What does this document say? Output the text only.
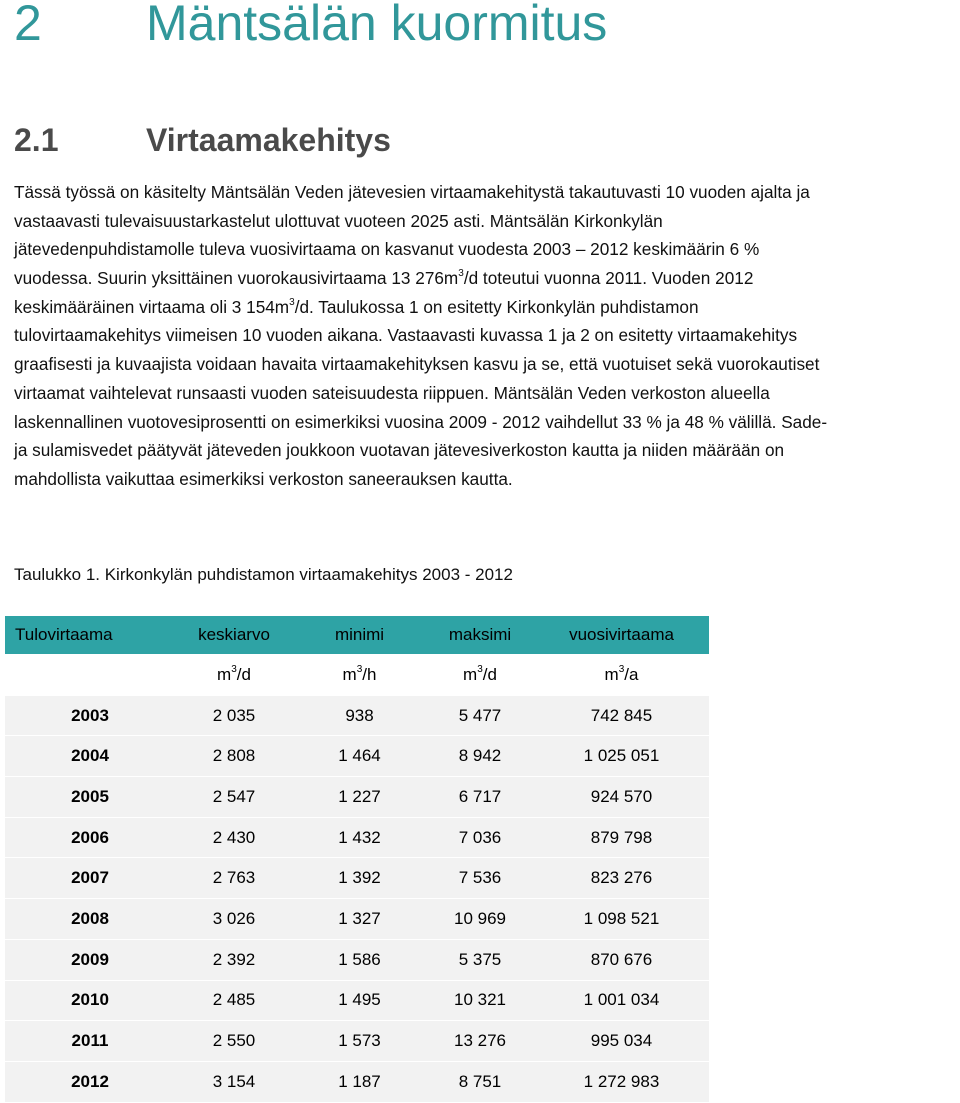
2 Mäntsälän kuormitus
2.1	Virtaamakehitys
Tässä työssä on käsitelty Mäntsälän Veden jätevesien virtaamakehitystä takautuvasti 10 vuoden ajalta ja
vastaavasti tulevaisuustarkastelut ulottuvat vuoteen 2025 asti. Mäntsälän Kirkonkylän
jätevedenpuhdistamolle tuleva vuosivirtaama on kasvanut vuodesta 2003 – 2012 keskimäärin 6 %
vuodessa. Suurin yksittäinen vuorokausivirtaama 13 $276m^3/d$ toteutui vuonna 2011. Vuoden 2012
keskimääräinen virtaama oli 3 $154m^3/d$. Taulukossa 1 on esitetty Kirkonkylän puhdistamon
tulovirtaamakehitys viimeisen 10 vuoden aikana. Vastaavasti kuvassa 1 ja 2 on esitetty virtaamakehitys
graafisesti ja kuvaajista voidaan havaita virtaamakehityksen kasvu ja se, että vuotuiset sekä vuorokautiset
virtaamat vaihtelevat runsaasti vuoden sateisuudesta riippuen. Mäntsälän Veden verkoston alueella
laskennallinen vuotovesiprosentti on esimerkiksi vuosina 2009 - 2012 vaihdellut 33 % ja 48 % välillä. Sade-
ja sulamisvedet päätyvät jäteveden joukkoon vuotavan jätevesiverkoston kautta ja niiden määrään on
mahdollista vaikuttaa esimerkiksi verkoston saneerauksen kautta.

Taulukko 1. Kirkonkylän puhdistamon virtaamakehitys 2003 - 2012

Tulovirtaama	keskiarvo	minimi	maksimi	vuosivirtaama
	$m^3/d$	$m^3/h$	$m^3/d$	$m^3/a$
2003	2 035	938	5 477	742 845
2004	2 808	1 464	8 942	1 025 051
2005	2 547	1 227	6 717	924 570
2006	2 430	1 432	7 036	879 798
2007	2 763	1 392	7 536	823 276
2008	3 026	1 327	10 969	1 098 521
2009	2 392	1 586	5 375	870 676
2010	2 485	1 495	10 321	1 001 034
2011	2 550	1 573	13 276	995 034
2012	3 154	1 187	8 751	1 272 983
